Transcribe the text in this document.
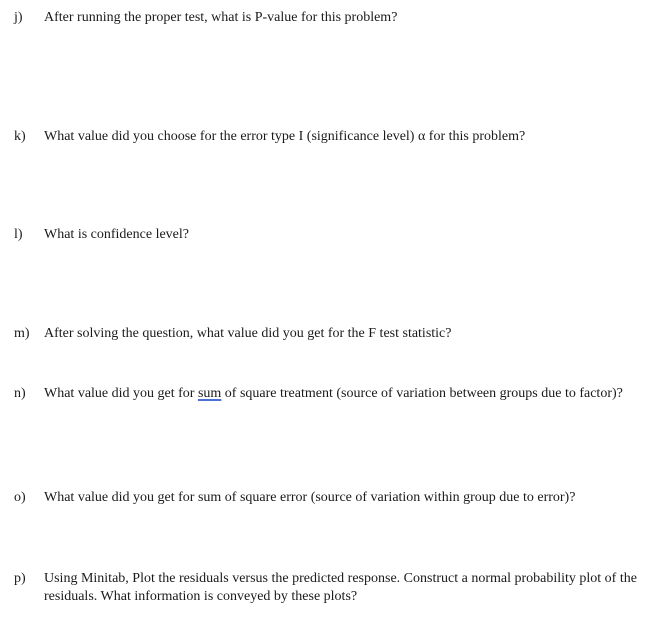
j) After running the proper test, what is P-value for this problem?
k) What value did you choose for the error type I (significance level) α for this problem?
l) What is confidence level?
m) After solving the question, what value did you get for the F test statistic?
n) What value did you get for sum of square treatment (source of variation between groups due to factor)?
o) What value did you get for sum of square error (source of variation within group due to error)?
p) Using Minitab, Plot the residuals versus the predicted response. Construct a normal probability plot of the residuals. What information is conveyed by these plots?
